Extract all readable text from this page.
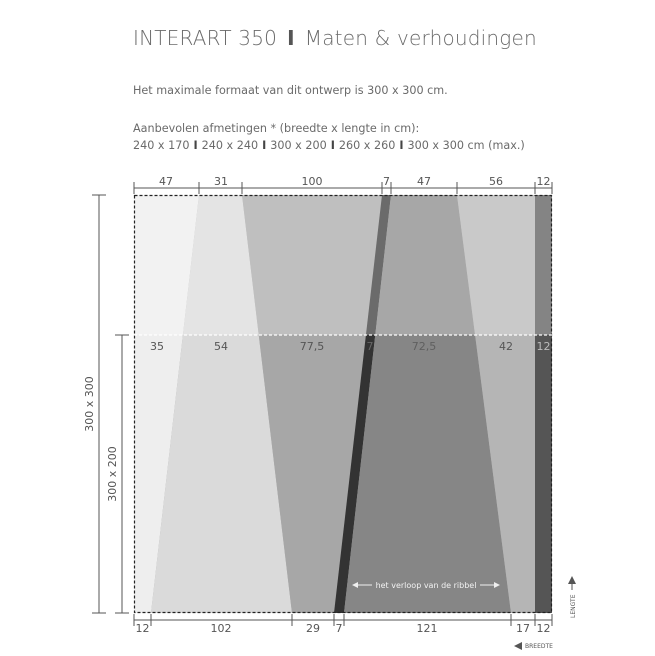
INTERART 350 I Maten & verhoudingen
Het maximale formaat van dit ontwerp is 300 x 300 cm.
Aanbevolen afmetingen * (breedte x lengte in cm):
240 x 170 I 240 x 240 I 300 x 200 I 260 x 260 I 300 x 300 cm (max.)
47	31	100	7 47	56	12
35	54	77,5	7	72,5	42 12
12	102	29 7	121	17 12
300 x 300
300 x 200
het verloop van de ribbel
LENGTE
BREEDTE
